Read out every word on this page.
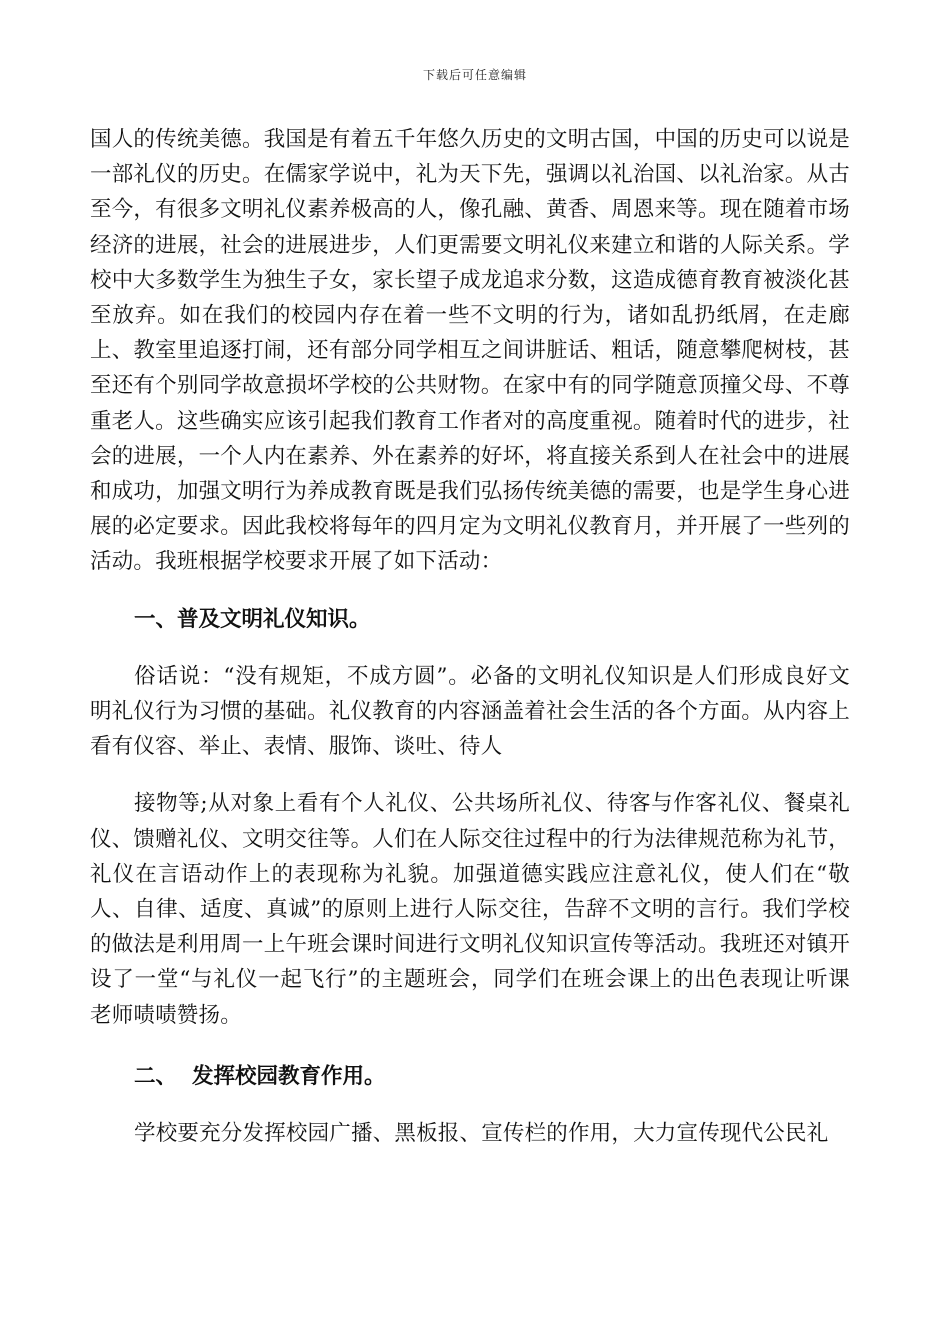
下载后可任意编辑

国人的传统美德。我国是有着五千年悠久历史的文明古国，中国的历史可以说是一部礼仪的历史。在儒家学说中，礼为天下先，强调以礼治国、以礼治家。从古至今，有很多文明礼仪素养极高的人，像孔融、黄香、周恩来等。现在随着市场经济的进展，社会的进展进步，人们更需要文明礼仪来建立和谐的人际关系。学校中大多数学生为独生子女，家长望子成龙追求分数，这造成德育教育被淡化甚至放弃。如在我们的校园内存在着一些不文明的行为，诸如乱扔纸屑，在走廊上、教室里追逐打闹，还有部分同学相互之间讲脏话、粗话，随意攀爬树枝，甚至还有个别同学故意损坏学校的公共财物。在家中有的同学随意顶撞父母、不尊重老人。这些确实应该引起我们教育工作者对的高度重视。随着时代的进步，社会的进展，一个人内在素养、外在素养的好坏，将直接关系到人在社会中的进展和成功，加强文明行为养成教育既是我们弘扬传统美德的需要，也是学生身心进展的必定要求。因此我校将每年的四月定为文明礼仪教育月，并开展了一些列的活动。我班根据学校要求开展了如下活动：

一、普及文明礼仪知识。

俗话说：“没有规矩，不成方圆”。必备的文明礼仪知识是人们形成良好文明礼仪行为习惯的基础。礼仪教育的内容涵盖着社会生活的各个方面。从内容上看有仪容、举止、表情、服饰、谈吐、待人

接物等;从对象上看有个人礼仪、公共场所礼仪、待客与作客礼仪、餐桌礼仪、馈赠礼仪、文明交往等。人们在人际交往过程中的行为法律规范称为礼节，礼仪在言语动作上的表现称为礼貌。加强道德实践应注意礼仪，使人们在“敬人、自律、适度、真诚”的原则上进行人际交往，告辞不文明的言行。我们学校的做法是利用周一上午班会课时间进行文明礼仪知识宣传等活动。我班还对镇开设了一堂“与礼仪一起飞行”的主题班会，同学们在班会课上的出色表现让听课老师啧啧赞扬。

二、  发挥校园教育作用。

学校要充分发挥校园广播、黑板报、宣传栏的作用，大力宣传现代公民礼
